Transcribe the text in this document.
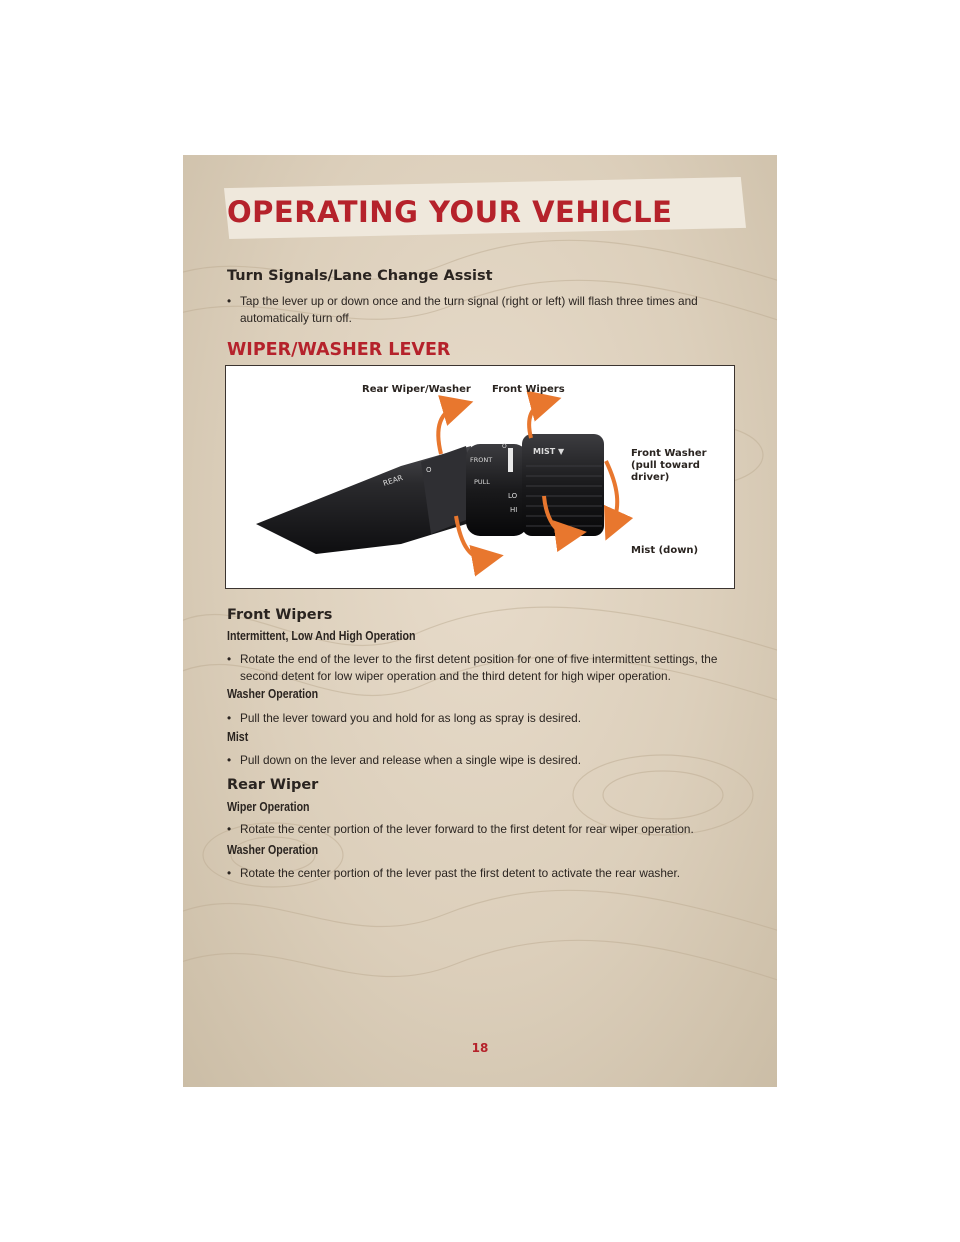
OPERATING YOUR VEHICLE
Turn Signals/Lane Change Assist

• Tap the lever up or down once and the turn signal (right or left) will flash three times and automatically turn off.

WIPER/WASHER LEVER
REAR
FRONT
PULL
LO
HI
MIST ▼
O
O

Rear Wiper/Washer Front Wipers

Front Washer
(pull toward
driver)

Mist (down)

Front Wipers
Intermittent, Low And High Operation

• Rotate the end of the lever to the first detent position for one of five intermittent settings, the second detent for low wiper operation and the third detent for high wiper operation.

Washer Operation

• Pull the lever toward you and hold for as long as spray is desired.

Mist

• Pull down on the lever and release when a single wipe is desired.

Rear Wiper
Wiper Operation

• Rotate the center portion of the lever forward to the first detent for rear wiper operation.

Washer Operation

• Rotate the center portion of the lever past the first detent to activate the rear washer.

18
